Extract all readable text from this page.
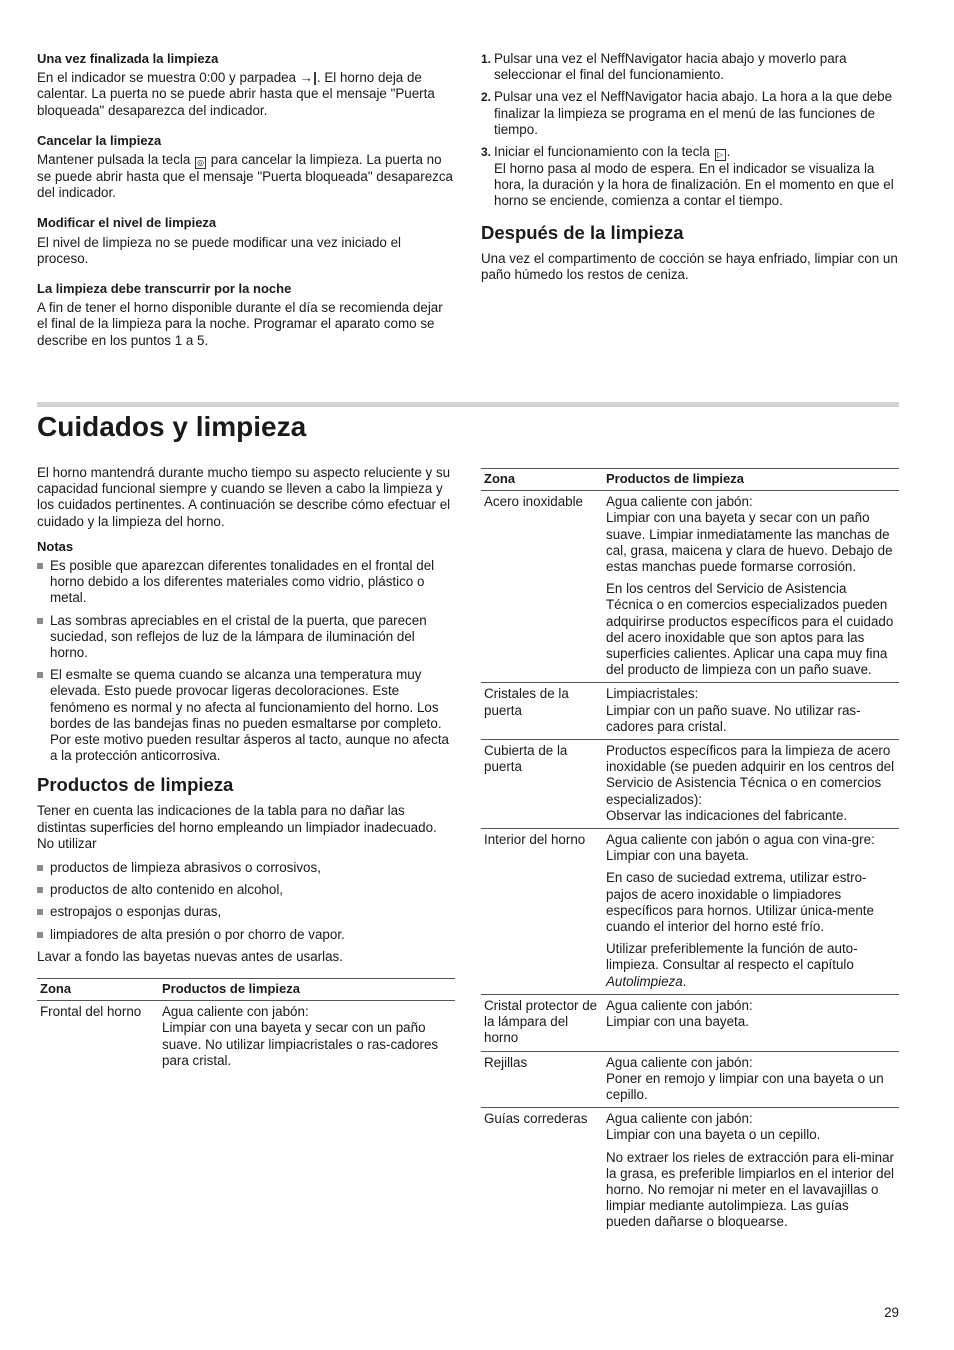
Una vez finalizada la limpieza

En el indicador se muestra 0:00 y parpadea →|. El horno deja de calentar. La puerta no se puede abrir hasta que el mensaje "Puerta bloqueada" desaparezca del indicador.

Cancelar la limpieza

Mantener pulsada la tecla ◎ para cancelar la limpieza. La puerta no se puede abrir hasta que el mensaje "Puerta bloqueada" desaparezca del indicador.

Modificar el nivel de limpieza

El nivel de limpieza no se puede modificar una vez iniciado el proceso.

La limpieza debe transcurrir por la noche

A fin de tener el horno disponible durante el día se recomienda dejar el final de la limpieza para la noche. Programar el aparato como se describe en los puntos 1 a 5.

1. Pulsar una vez el NeffNavigator hacia abajo y moverlo para seleccionar el final del funcionamiento.
2. Pulsar una vez el NeffNavigator hacia abajo. La hora a la que debe finalizar la limpieza se programa en el menú de las funciones de tiempo.
3. Iniciar el funcionamiento con la tecla ▷ .

El horno pasa al modo de espera. En el indicador se visualiza la hora, la duración y la hora de finalización. En el momento en que el horno se enciende, comienza a contar el tiempo.

Después de la limpieza

Una vez el compartimento de cocción se haya enfriado, limpiar con un paño húmedo los restos de ceniza.

Cuidados y limpieza

El horno mantendrá durante mucho tiempo su aspecto reluciente y su capacidad funcional siempre y cuando se lleven a cabo la limpieza y los cuidados pertinentes. A continuación se describe cómo efectuar el cuidado y la limpieza del horno.

Notas
Es posible que aparezcan diferentes tonalidades en el frontal del horno debido a los diferentes materiales como vidrio, plástico o metal.
Las sombras apreciables en el cristal de la puerta, que parecen suciedad, son reflejos de luz de la lámpara de iluminación del horno.
El esmalte se quema cuando se alcanza una temperatura muy elevada. Esto puede provocar ligeras decoloraciones. Este fenómeno es normal y no afecta al funcionamiento del horno. Los bordes de las bandejas finas no pueden esmaltarse por completo. Por este motivo pueden resultar ásperos al tacto, aunque no afecta a la protección anticorrosiva.
Productos de limpieza

Tener en cuenta las indicaciones de la tabla para no dañar las distintas superficies del horno empleando un limpiador inadecuado. No utilizar

productos de limpieza abrasivos o corrosivos,
productos de alto contenido en alcohol,
estropajos o esponjas duras,
limpiadores de alta presión o por chorro de vapor.

Lavar a fondo las bayetas nuevas antes de usarlas.

Zona	Productos de limpieza
Frontal del horno	Agua caliente con jabón:
Limpiar con una bayeta y secar con un paño suave. No utilizar limpiacristales o ras-cadores para cristal.

Zona	Productos de limpieza
Acero inoxidable	Agua caliente con jabón:
Limpiar con una bayeta y secar con un paño suave. Limpiar inmediatamente las manchas de cal, grasa, maicena y clara de huevo. Debajo de estas manchas puede formarse corrosión.

En los centros del Servicio de Asistencia Técnica o en comercios especializados pueden adquirirse productos específicos para el cuidado del acero inoxidable que son aptos para las superficies calientes. Aplicar una capa muy fina del producto de limpieza con un paño suave.

Cristales de la puerta	Limpiacristales:
Limpiar con un paño suave. No utilizar ras-cadores para cristal.

Cubierta de la puerta	Productos específicos para la limpieza de acero inoxidable (se pueden adquirir en los centros del Servicio de Asistencia Técnica o en comercios especializados):
Observar las indicaciones del fabricante.

Interior del horno	Agua caliente con jabón o agua con vina-gre:
Limpiar con una bayeta.

En caso de suciedad extrema, utilizar estro-pajos de acero inoxidable o limpiadores específicos para hornos. Utilizar única-mente cuando el interior del horno esté frío.

Utilizar preferiblemente la función de auto-limpieza. Consultar al respecto el capítulo Autolimpieza.

Cristal protector de la lámpara del horno	Agua caliente con jabón:
Limpiar con una bayeta.

Rejillas	Agua caliente con jabón:
Poner en remojo y limpiar con una bayeta o un cepillo.

Guías correderas	Agua caliente con jabón:
Limpiar con una bayeta o un cepillo.

No extraer los rieles de extracción para eli-minar la grasa, es preferible limpiarlos en el interior del horno. No remojar ni meter en el lavavajillas o limpiar mediante autolimpieza. Las guías pueden dañarse o bloquearse.

29
